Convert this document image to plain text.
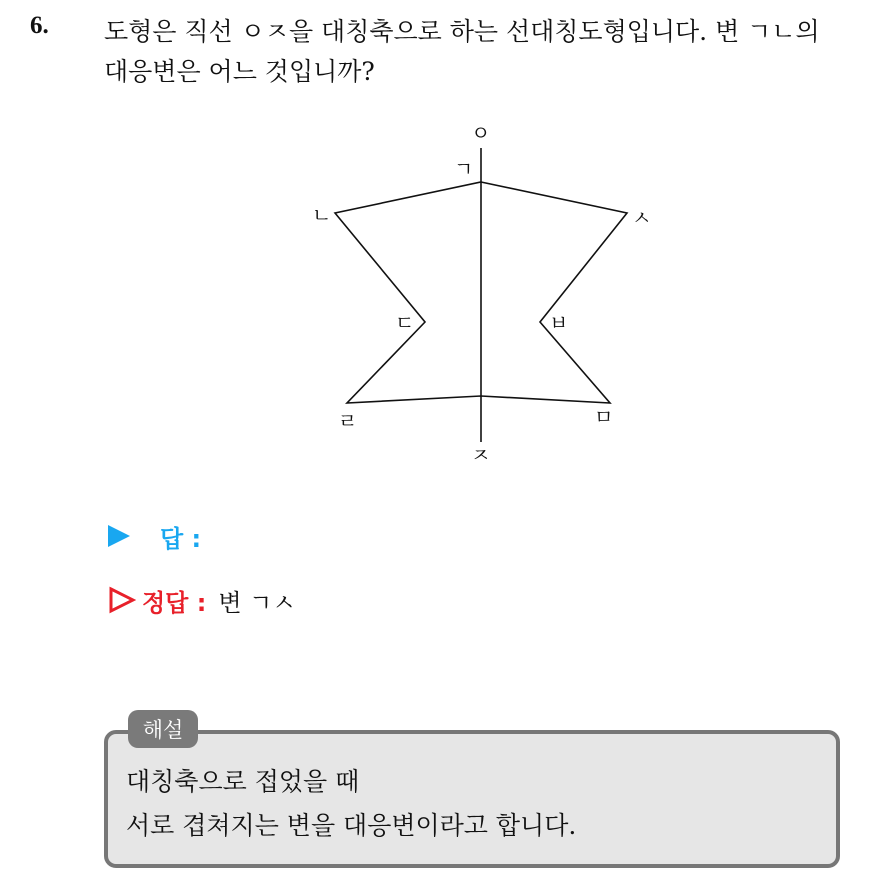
6. 도형은 직선 ㅇㅈ을 대칭축으로 하는 선대칭도형입니다. 변 ㄱㄴ의
대응변은 어느 것입니까?
ㅇ
ㄱ
ㄴ	ㅅ
ㄷ	ㅂ
ㄹ	ㅁ
ㅈ
답 :
정답 : 변 ㄱㅅ
해설
대칭축으로 접었을 때
서로 겹쳐지는 변을 대응변이라고 합니다.
